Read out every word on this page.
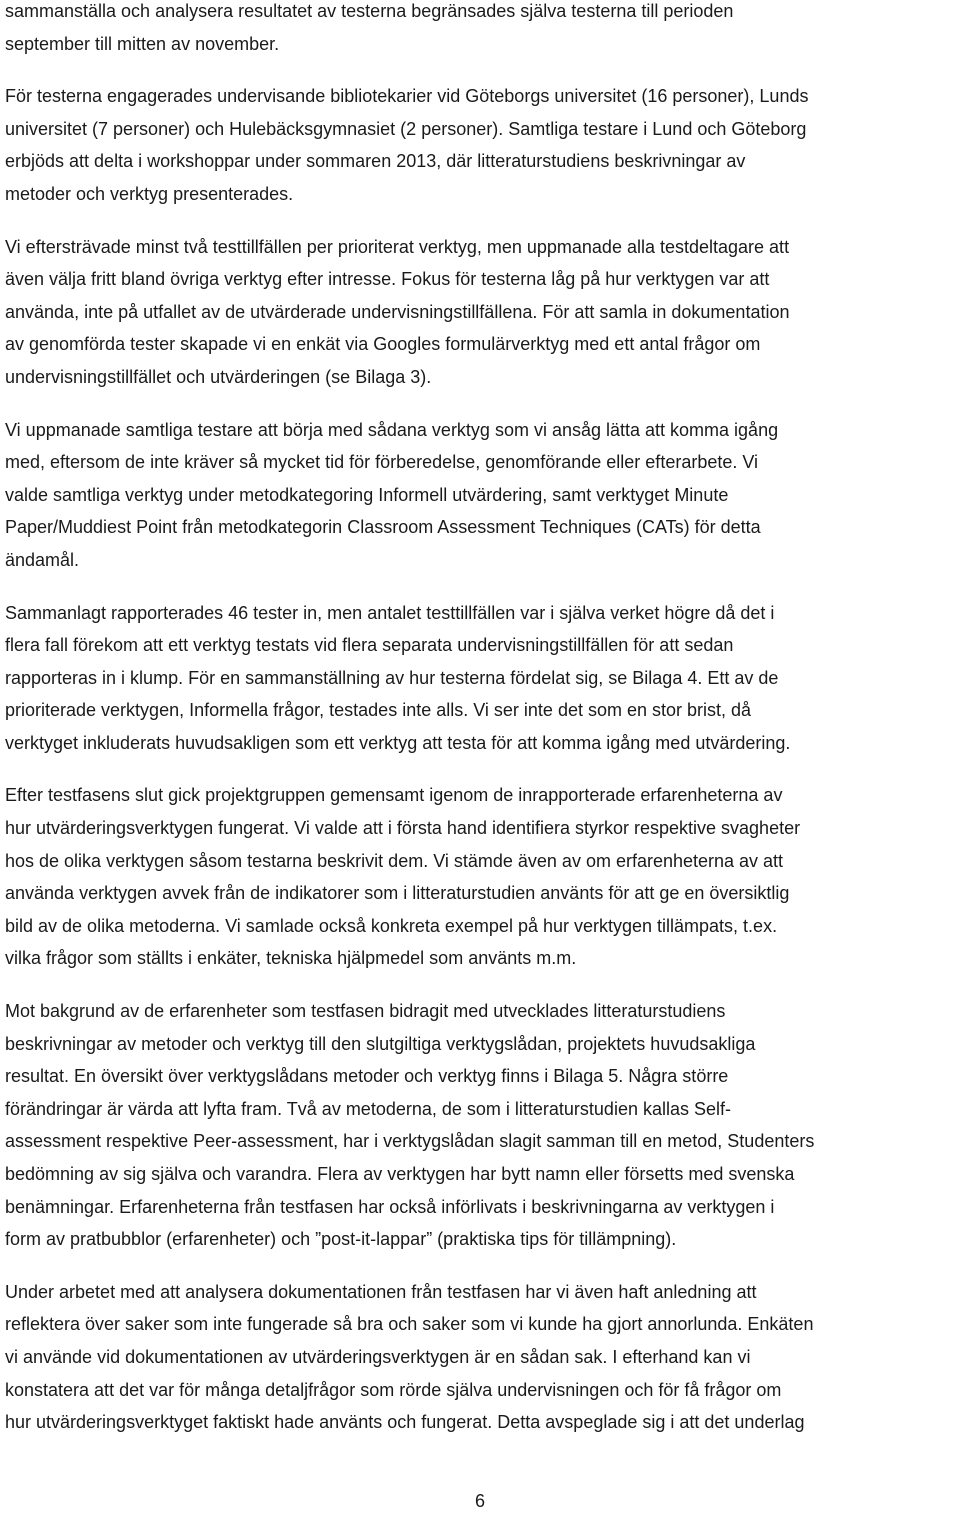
sammanställa och analysera resultatet av testerna begränsades själva testerna till perioden
september till mitten av november.

För testerna engagerades undervisande bibliotekarier vid Göteborgs universitet (16 personer), Lunds
universitet (7 personer) och Hulebäcksgymnasiet (2 personer). Samtliga testare i Lund och Göteborg
erbjöds att delta i workshoppar under sommaren 2013, där litteraturstudiens beskrivningar av
metoder och verktyg presenterades.

Vi eftersträvade minst två testtillfällen per prioriterat verktyg, men uppmanade alla testdeltagare att
även välja fritt bland övriga verktyg efter intresse. Fokus för testerna låg på hur verktygen var att
använda, inte på utfallet av de utvärderade undervisningstillfällena. För att samla in dokumentation
av genomförda tester skapade vi en enkät via Googles formulärverktyg med ett antal frågor om
undervisningstillfället och utvärderingen (se Bilaga 3).

Vi uppmanade samtliga testare att börja med sådana verktyg som vi ansåg lätta att komma igång
med, eftersom de inte kräver så mycket tid för förberedelse, genomförande eller efterarbete. Vi
valde samtliga verktyg under metodkategoring Informell utvärdering, samt verktyget Minute
Paper/Muddiest Point från metodkategorin Classroom Assessment Techniques (CATs) för detta
ändamål.

Sammanlagt rapporterades 46 tester in, men antalet testtillfällen var i själva verket högre då det i
flera fall förekom att ett verktyg testats vid flera separata undervisningstillfällen för att sedan
rapporteras in i klump. För en sammanställning av hur testerna fördelat sig, se Bilaga 4. Ett av de
prioriterade verktygen, Informella frågor, testades inte alls. Vi ser inte det som en stor brist, då
verktyget inkluderats huvudsakligen som ett verktyg att testa för att komma igång med utvärdering.

Efter testfasens slut gick projektgruppen gemensamt igenom de inrapporterade erfarenheterna av
hur utvärderingsverktygen fungerat. Vi valde att i första hand identifiera styrkor respektive svagheter
hos de olika verktygen såsom testarna beskrivit dem. Vi stämde även av om erfarenheterna av att
använda verktygen avvek från de indikatorer som i litteraturstudien använts för att ge en översiktlig
bild av de olika metoderna. Vi samlade också konkreta exempel på hur verktygen tillämpats, t.ex.
vilka frågor som ställts i enkäter, tekniska hjälpmedel som använts m.m.

Mot bakgrund av de erfarenheter som testfasen bidragit med utvecklades litteraturstudiens
beskrivningar av metoder och verktyg till den slutgiltiga verktygslådan, projektets huvudsakliga
resultat. En översikt över verktygslådans metoder och verktyg finns i Bilaga 5. Några större
förändringar är värda att lyfta fram. Två av metoderna, de som i litteraturstudien kallas Self-
assessment respektive Peer-assessment, har i verktygslådan slagit samman till en metod, Studenters
bedömning av sig själva och varandra. Flera av verktygen har bytt namn eller försetts med svenska
benämningar. Erfarenheterna från testfasen har också införlivats i beskrivningarna av verktygen i
form av pratbubblor (erfarenheter) och ”post-it-lappar” (praktiska tips för tillämpning).

Under arbetet med att analysera dokumentationen från testfasen har vi även haft anledning att
reflektera över saker som inte fungerade så bra och saker som vi kunde ha gjort annorlunda. Enkäten
vi använde vid dokumentationen av utvärderingsverktygen är en sådan sak. I efterhand kan vi
konstatera att det var för många detaljfrågor som rörde själva undervisningen och för få frågor om
hur utvärderingsverktyget faktiskt hade använts och fungerat. Detta avspeglade sig i att det underlag

6
